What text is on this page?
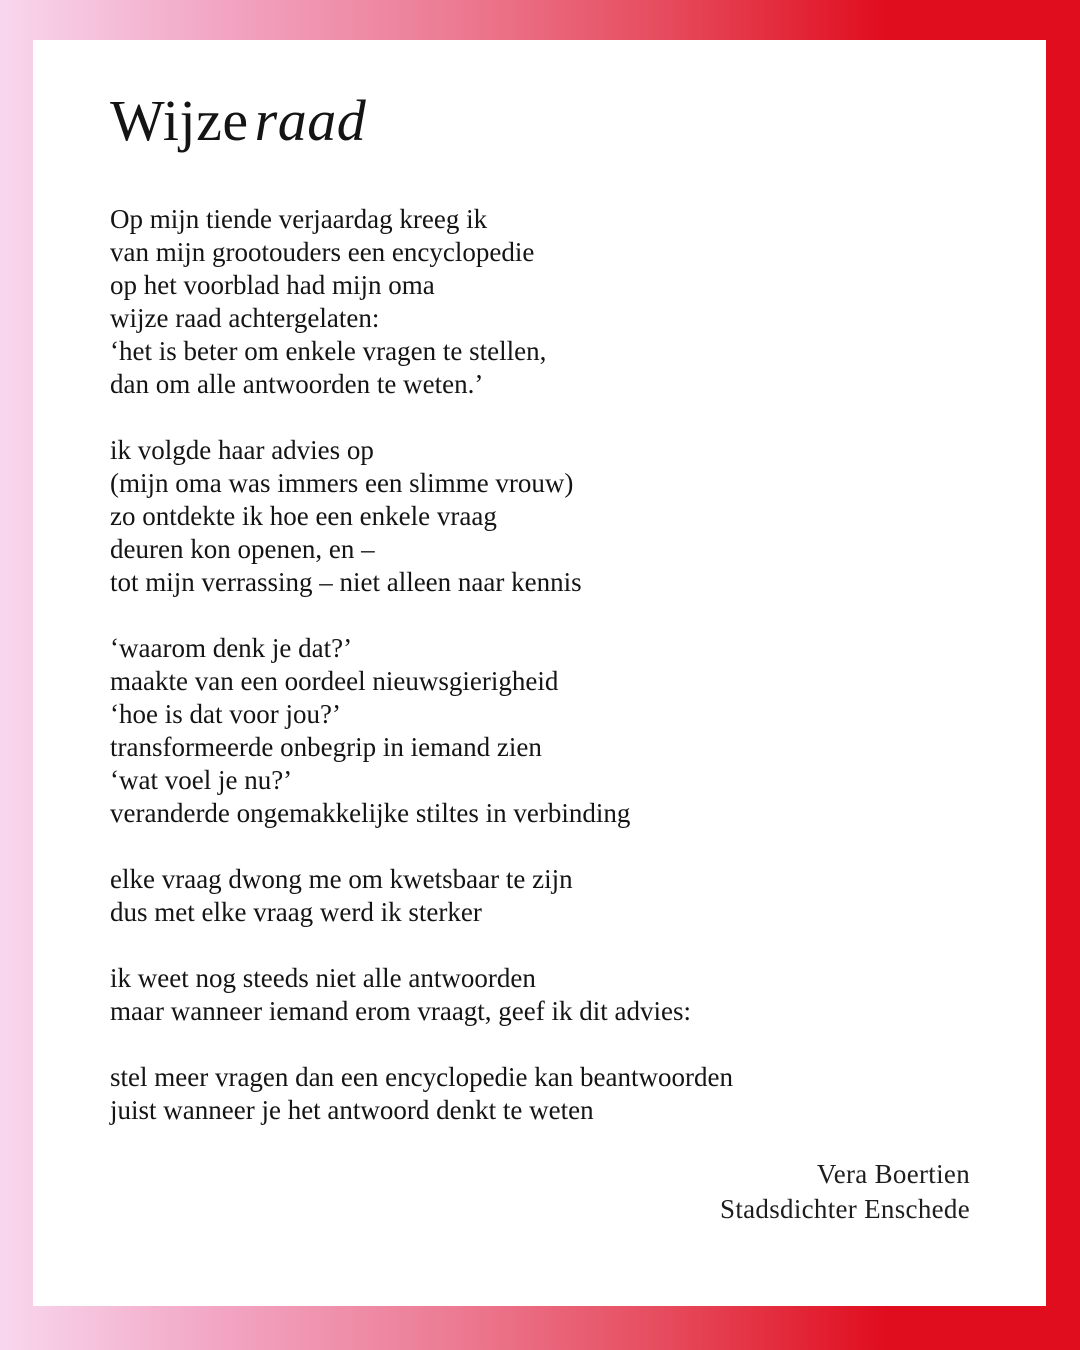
Wijze raad
Op mijn tiende verjaardag kreeg ik
van mijn grootouders een encyclopedie
op het voorblad had mijn oma
wijze raad achtergelaten:
‘het is beter om enkele vragen te stellen,
dan om alle antwoorden te weten.’
ik volgde haar advies op
(mijn oma was immers een slimme vrouw)
zo ontdekte ik hoe een enkele vraag
deuren kon openen, en –
tot mijn verrassing – niet alleen naar kennis
‘waarom denk je dat?’
maakte van een oordeel nieuwsgierigheid
‘hoe is dat voor jou?’
transformeerde onbegrip in iemand zien
‘wat voel je nu?’
veranderde ongemakkelijke stiltes in verbinding
elke vraag dwong me om kwetsbaar te zijn
dus met elke vraag werd ik sterker
ik weet nog steeds niet alle antwoorden
maar wanneer iemand erom vraagt, geef ik dit advies:
stel meer vragen dan een encyclopedie kan beantwoorden
juist wanneer je het antwoord denkt te weten
Vera Boertien
Stadsdichter Enschede
